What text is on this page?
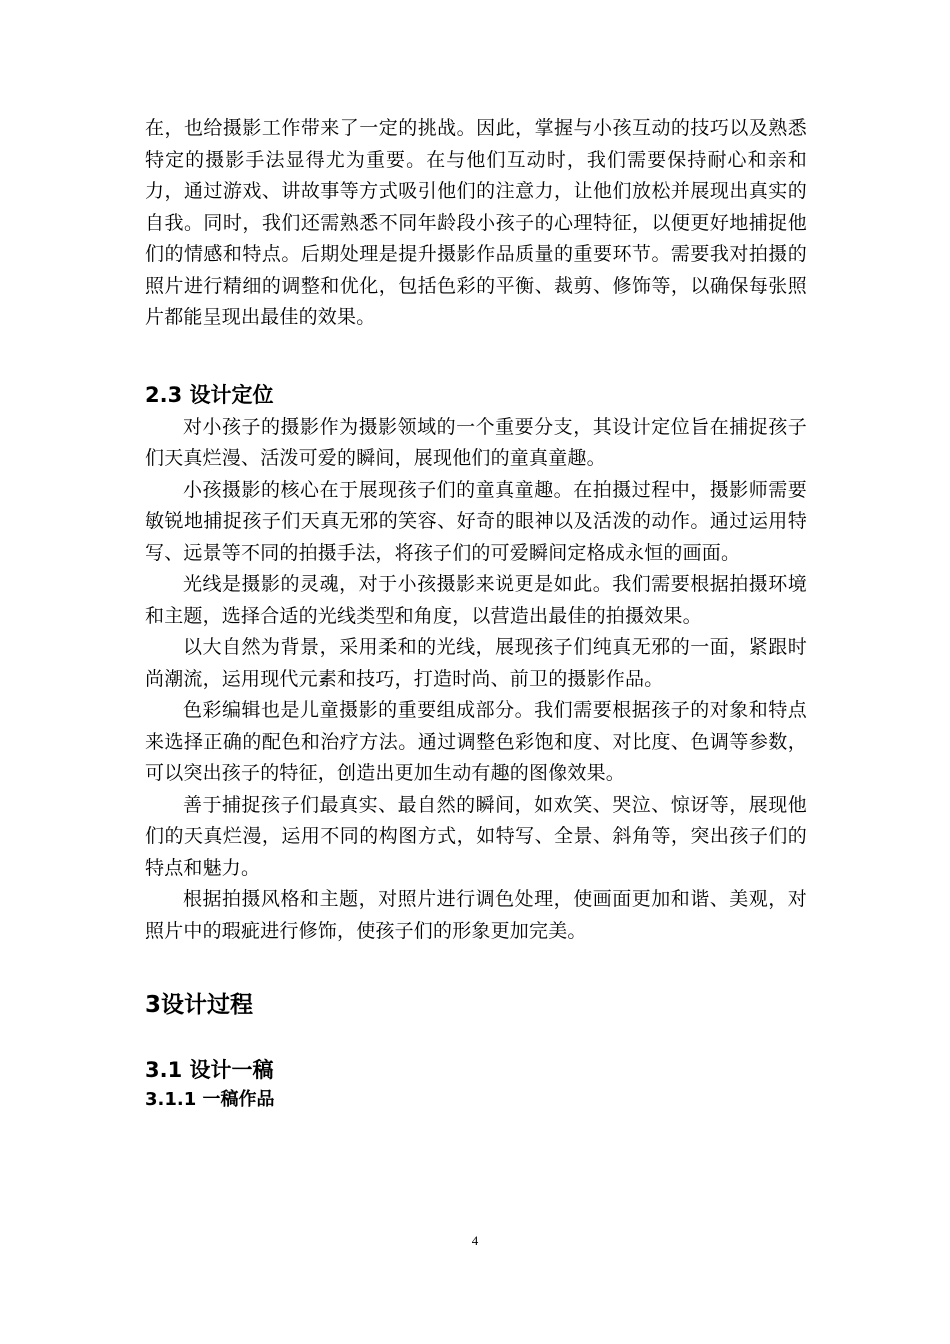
在，也给摄影工作带来了一定的挑战。因此，掌握与小孩互动的技巧以及熟悉特定的摄影手法显得尤为重要。在与他们互动时，我们需要保持耐心和亲和力，通过游戏、讲故事等方式吸引他们的注意力，让他们放松并展现出真实的自我。同时，我们还需熟悉不同年龄段小孩子的心理特征，以便更好地捕捉他们的情感和特点。后期处理是提升摄影作品质量的重要环节。需要我对拍摄的照片进行精细的调整和优化，包括色彩的平衡、裁剪、修饰等，以确保每张照片都能呈现出最佳的效果。

2.3 设计定位

对小孩子的摄影作为摄影领域的一个重要分支，其设计定位旨在捕捉孩子们天真烂漫、活泼可爱的瞬间，展现他们的童真童趣。

小孩摄影的核心在于展现孩子们的童真童趣。在拍摄过程中，摄影师需要敏锐地捕捉孩子们天真无邪的笑容、好奇的眼神以及活泼的动作。通过运用特写、远景等不同的拍摄手法，将孩子们的可爱瞬间定格成永恒的画面。

光线是摄影的灵魂，对于小孩摄影来说更是如此。我们需要根据拍摄环境和主题，选择合适的光线类型和角度，以营造出最佳的拍摄效果。

以大自然为背景，采用柔和的光线，展现孩子们纯真无邪的一面，紧跟时尚潮流，运用现代元素和技巧，打造时尚、前卫的摄影作品。

色彩编辑也是儿童摄影的重要组成部分。我们需要根据孩子的对象和特点来选择正确的配色和治疗方法。通过调整色彩饱和度、对比度、色调等参数，可以突出孩子的特征，创造出更加生动有趣的图像效果。

善于捕捉孩子们最真实、最自然的瞬间，如欢笑、哭泣、惊讶等，展现他们的天真烂漫，运用不同的构图方式，如特写、全景、斜角等，突出孩子们的特点和魅力。

根据拍摄风格和主题，对照片进行调色处理，使画面更加和谐、美观，对照片中的瑕疵进行修饰，使孩子们的形象更加完美。

3设计过程
3.1 设计一稿
3.1.1 一稿作品
4
